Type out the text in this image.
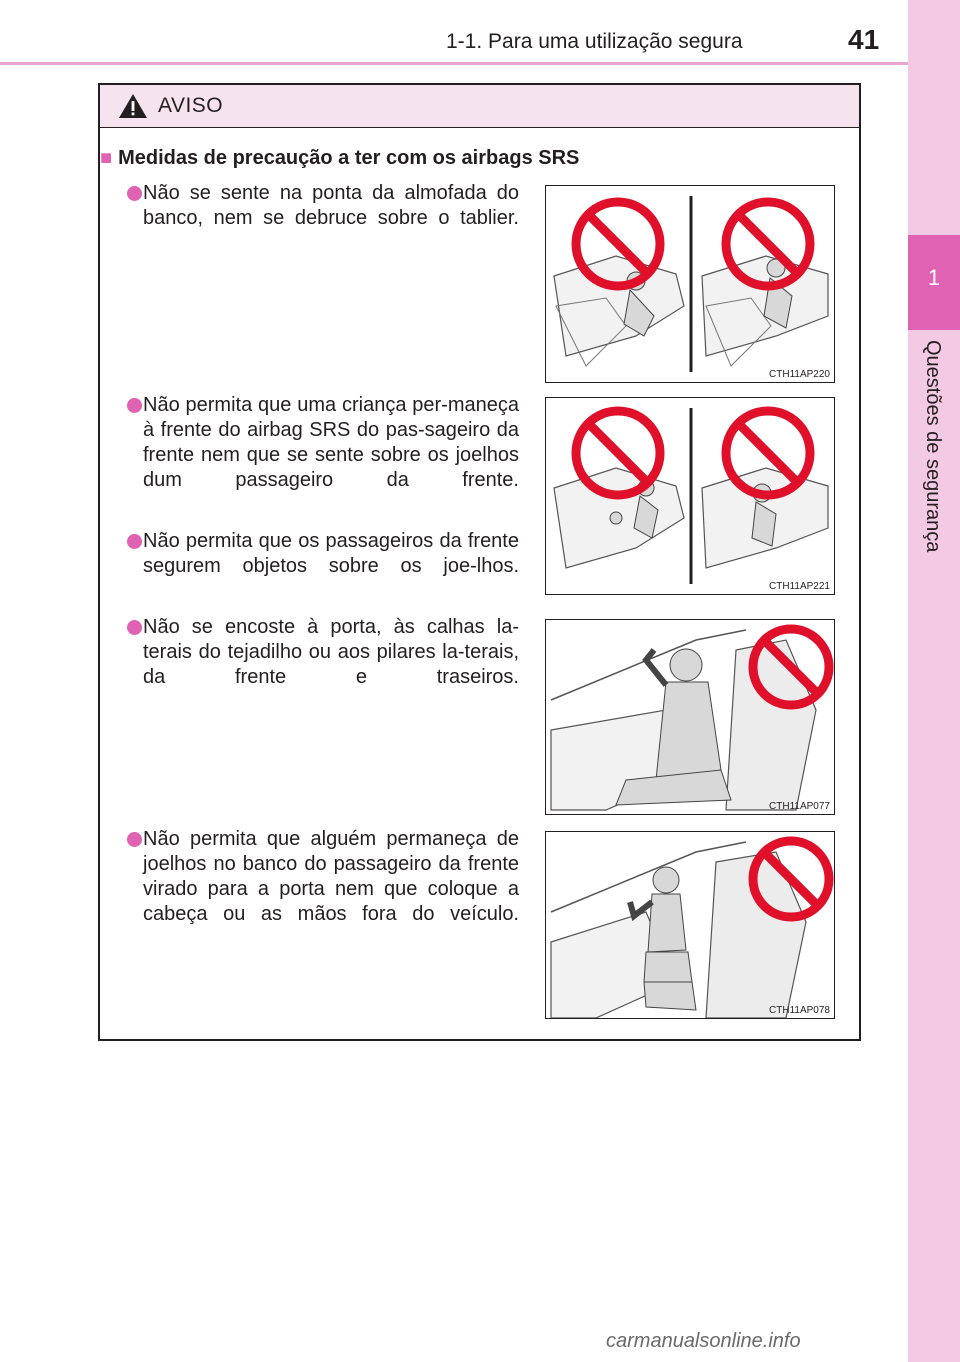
1-1. Para uma utilização segura	41
1
Questões de segurança
AVISO
■ Medidas de precaução a ter com os airbags SRS
Não se sente na ponta da almofada do banco, nem se debruce sobre o tablier.
Não permita que uma criança per-maneça à frente do airbag SRS do pas-sageiro da frente nem que se sente sobre os joelhos dum passageiro da frente.
Não permita que os passageiros da frente segurem objetos sobre os joe-lhos.
Não se encoste à porta, às calhas la-terais do tejadilho ou aos pilares la-terais, da frente e traseiros.
Não permita que alguém permaneça de joelhos no banco do passageiro da frente virado para a porta nem que coloque a cabeça ou as mãos fora do veículo.
CTH11AP220
CTH11AP221
CTH11AP077
CTH11AP078
carmanualsonline.info
